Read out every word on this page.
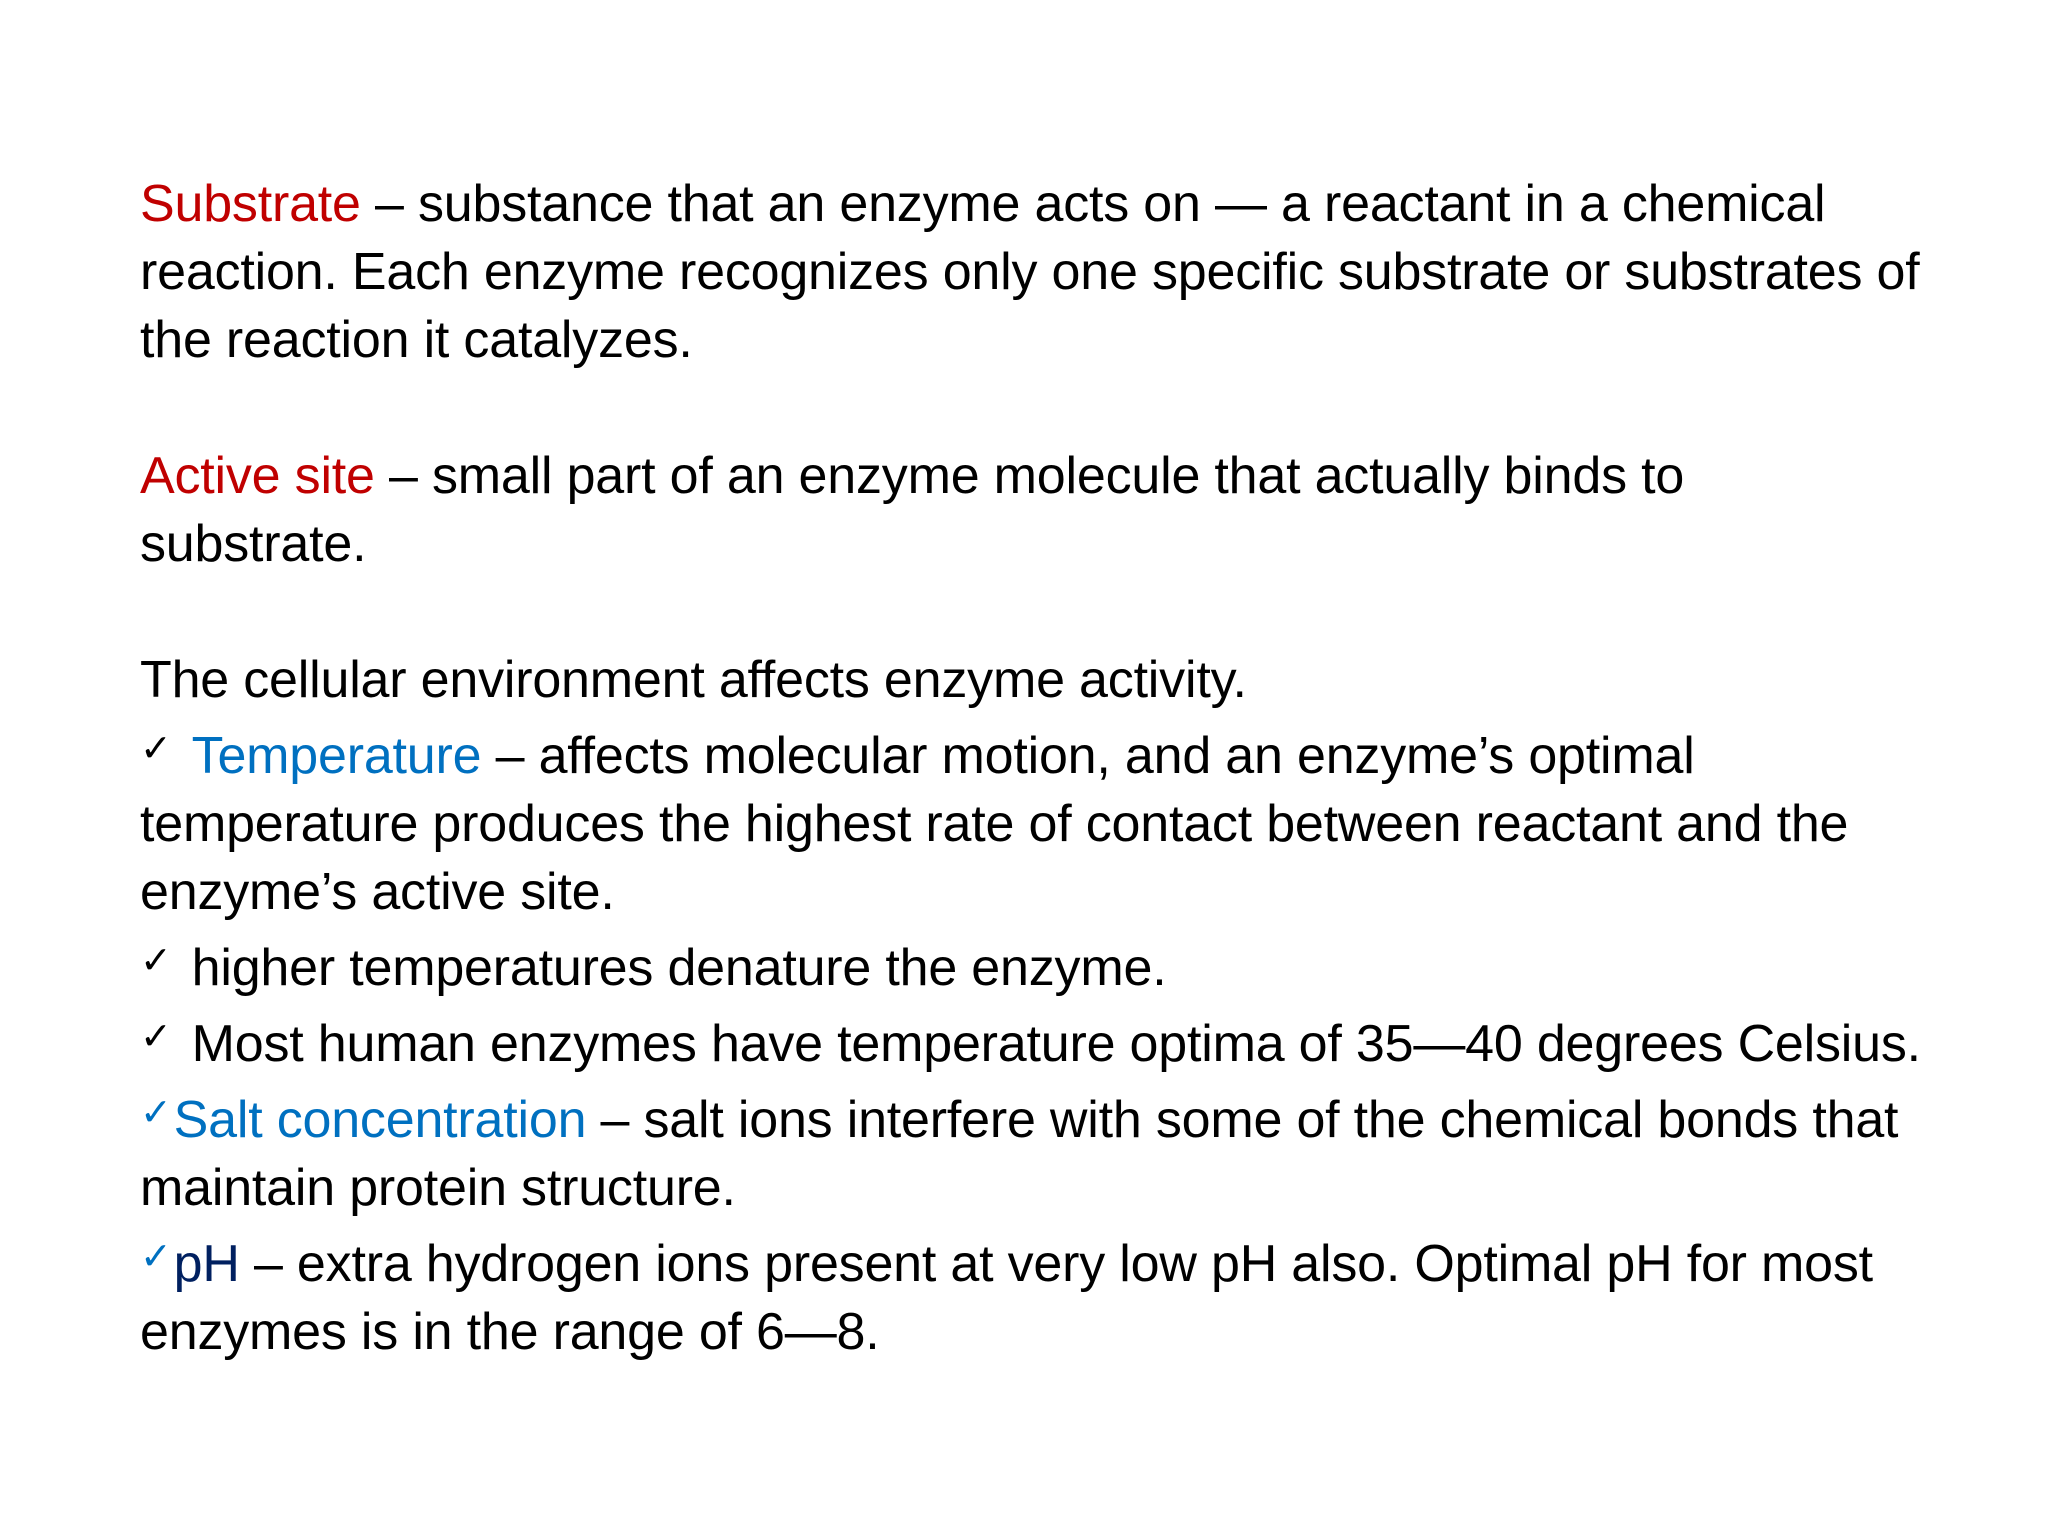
Substrate – substance that an enzyme acts on — a reactant in a chemical
reaction. Each enzyme recognizes only one specific substrate or substrates of
the reaction it catalyzes.
Active site – small part of an enzyme molecule that actually binds to
substrate.
The cellular environment affects enzyme activity.
✓ Temperature – affects molecular motion, and an enzyme’s optimal
temperature produces the highest rate of contact between reactant and the
enzyme’s active site.
✓ higher temperatures denature the enzyme.
✓ Most human enzymes have temperature optima of 35—40 degrees Celsius.
✓Salt concentration – salt ions interfere with some of the chemical bonds that
maintain protein structure.
✓pH – extra hydrogen ions present at very low pH also. Optimal pH for most
enzymes is in the range of 6—8.
